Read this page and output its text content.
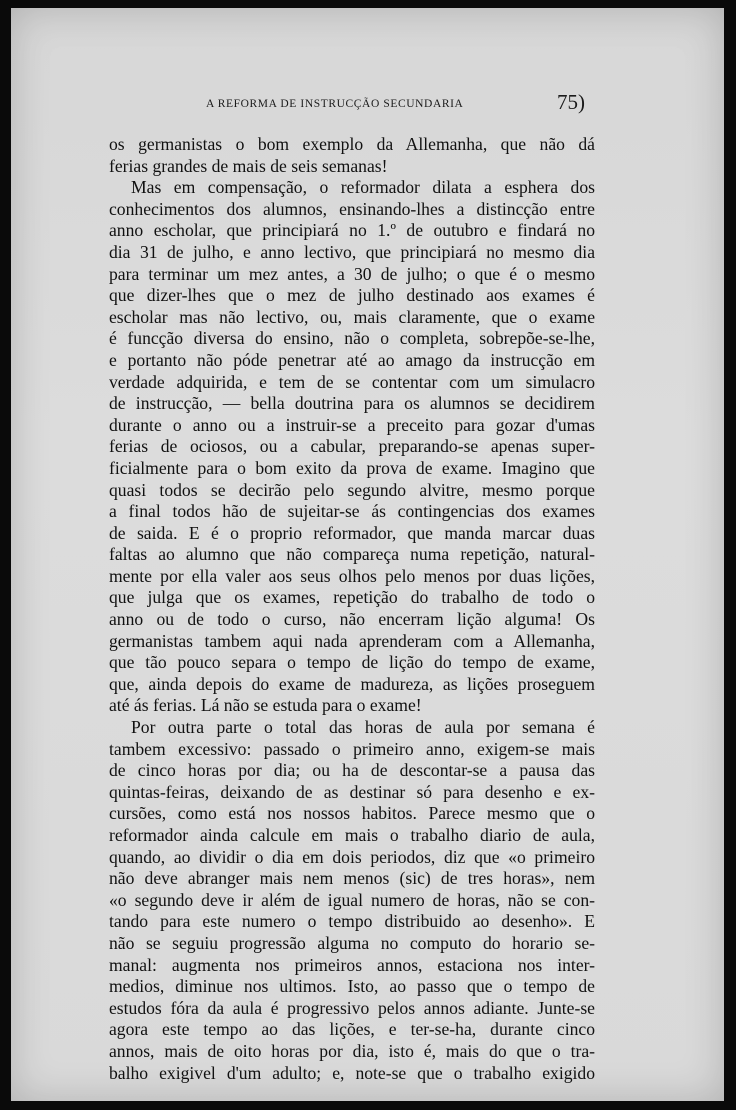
A REFORMA DE INSTRUCÇÃO SECUNDARIA	75)
os germanistas o bom exemplo da Allemanha, que não dá
ferias grandes de mais de seis semanas!
Mas em compensação, o reformador dilata a esphera dos
conhecimentos dos alumnos, ensinando-lhes a distincção entre
anno escholar, que principiará no 1.º de outubro e findará no
dia 31 de julho, e anno lectivo, que principiará no mesmo dia
para terminar um mez antes, a 30 de julho; o que é o mesmo
que dizer-lhes que o mez de julho destinado aos exames é
escholar mas não lectivo, ou, mais claramente, que o exame
é funcção diversa do ensino, não o completa, sobrepõe-se-lhe,
e portanto não póde penetrar até ao amago da instrucção em
verdade adquirida, e tem de se contentar com um simulacro
de instrucção, — bella doutrina para os alumnos se decidirem
durante o anno ou a instruir-se a preceito para gozar d'umas
ferias de ociosos, ou a cabular, preparando-se apenas super-
ficialmente para o bom exito da prova de exame. Imagino que
quasi todos se decirão pelo segundo alvitre, mesmo porque
a final todos hão de sujeitar-se ás contingencias dos exames
de saida. E é o proprio reformador, que manda marcar duas
faltas ao alumno que não compareça numa repetição, natural-
mente por ella valer aos seus olhos pelo menos por duas lições,
que julga que os exames, repetição do trabalho de todo o
anno ou de todo o curso, não encerram lição alguma! Os
germanistas tambem aqui nada aprenderam com a Allemanha,
que tão pouco separa o tempo de lição do tempo de exame,
que, ainda depois do exame de madureza, as lições proseguem
até ás ferias. Lá não se estuda para o exame!
Por outra parte o total das horas de aula por semana é
tambem excessivo: passado o primeiro anno, exigem-se mais
de cinco horas por dia; ou ha de descontar-se a pausa das
quintas-feiras, deixando de as destinar só para desenho e ex-
cursões, como está nos nossos habitos. Parece mesmo que o
reformador ainda calcule em mais o trabalho diario de aula,
quando, ao dividir o dia em dois periodos, diz que «o primeiro
não deve abranger mais nem menos (sic) de tres horas», nem
«o segundo deve ir além de igual numero de horas, não se con-
tando para este numero o tempo distribuido ao desenho». E
não se seguiu progressão alguma no computo do horario se-
manal: augmenta nos primeiros annos, estaciona nos inter-
medios, diminue nos ultimos. Isto, ao passo que o tempo de
estudos fóra da aula é progressivo pelos annos adiante. Junte-se
agora este tempo ao das lições, e ter-se-ha, durante cinco
annos, mais de oito horas por dia, isto é, mais do que o tra-
balho exigivel d'um adulto; e, note-se que o trabalho exigido
